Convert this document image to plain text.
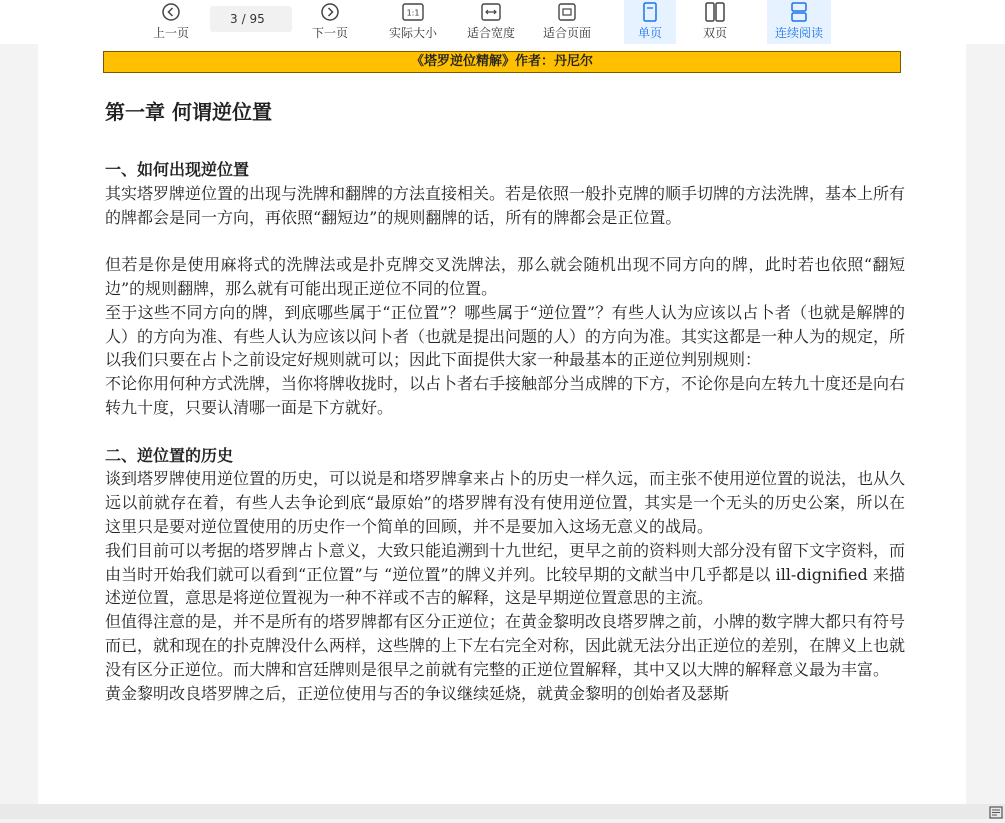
上一页
3 / 95
下一页
1:1
实际大小 适合宽度 适合页面	单页	双页	连续阅读
《塔罗逆位精解》作者：丹尼尔
第一章 何谓逆位置

一、如何出现逆位置

其实塔罗牌逆位置的出现与洗牌和翻牌的方法直接相关。若是依照一般扑克牌的顺手切牌的方法洗牌，基本上所有的牌都会是同一方向，再依照“翻短边”的规则翻牌的话，所有的牌都会是正位置。

但若是你是使用麻将式的洗牌法或是扑克牌交叉洗牌法，那么就会随机出现不同方向的牌，此时若也依照“翻短边”的规则翻牌，那么就有可能出现正逆位不同的位置。

至于这些不同方向的牌，到底哪些属于“正位置”？哪些属于“逆位置”？有些人认为应该以占卜者（也就是解牌的人）的方向为准、有些人认为应该以问卜者（也就是提出问题的人）的方向为准。其实这都是一种人为的规定，所以我们只要在占卜之前设定好规则就可以；因此下面提供大家一种最基本的正逆位判别规则：

不论你用何种方式洗牌，当你将牌收拢时，以占卜者右手接触部分当成牌的下方，不论你是向左转九十度还是向右转九十度，只要认清哪一面是下方就好。

二、逆位置的历史

谈到塔罗牌使用逆位置的历史，可以说是和塔罗牌拿来占卜的历史一样久远，而主张不使用逆位置的说法，也从久远以前就存在着，有些人去争论到底“最原始”的塔罗牌有没有使用逆位置，其实是一个无头的历史公案，所以在这里只是要对逆位置使用的历史作一个简单的回顾，并不是要加入这场无意义的战局。

我们目前可以考据的塔罗牌占卜意义，大致只能追溯到十九世纪，更早之前的资料则大部分没有留下文字资料，而由当时开始我们就可以看到“正位置”与 “逆位置”的牌义并列。比较早期的文献当中几乎都是以 ill-dignified 来描述逆位置，意思是将逆位置视为一种不祥或不吉的解释，这是早期逆位置意思的主流。

但值得注意的是，并不是所有的塔罗牌都有区分正逆位；在黄金黎明改良塔罗牌之前，小牌的数字牌大都只有符号而已，就和现在的扑克牌没什么两样，这些牌的上下左右完全对称，因此就无法分出正逆位的差别，在牌义上也就没有区分正逆位。而大牌和宫廷牌则是很早之前就有完整的正逆位置解释，其中又以大牌的解释意义最为丰富。

黄金黎明改良塔罗牌之后，正逆位使用与否的争议继续延烧，就黄金黎明的创始者及瑟斯
